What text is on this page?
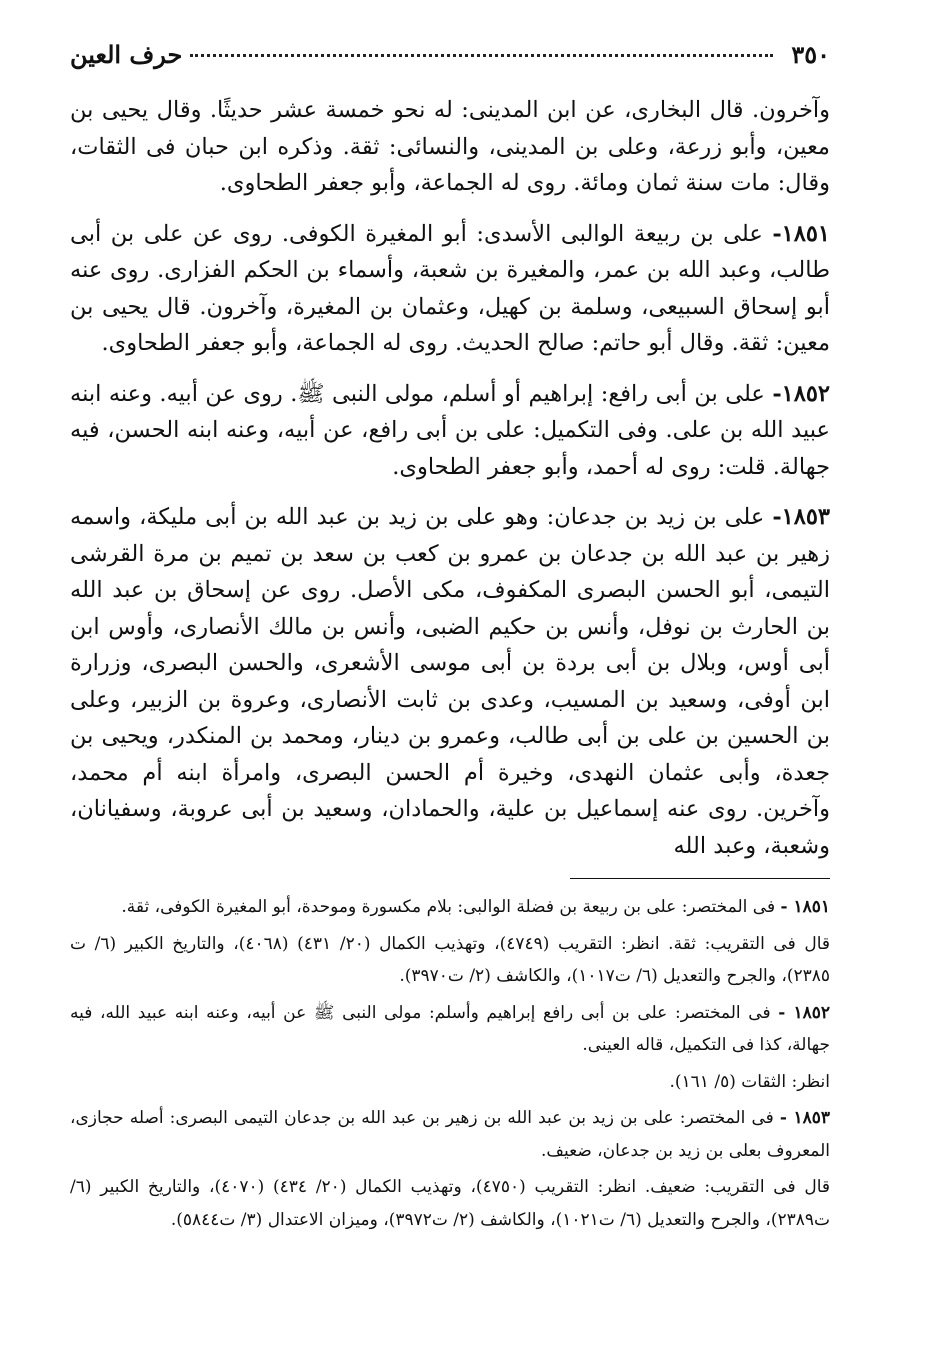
٣٥٠
حرف العين

وآخرون. قال البخارى، عن ابن المدينى: له نحو خمسة عشر حديثًا. وقال يحيى بن معين، وأبو زرعة، وعلى بن المدينى، والنسائى: ثقة. وذكره ابن حبان فى الثقات، وقال: مات سنة ثمان ومائة. روى له الجماعة، وأبو جعفر الطحاوى.

١٨٥١- على بن ربيعة الوالبى الأسدى: أبو المغيرة الكوفى. روى عن على بن أبى طالب، وعبد الله بن عمر، والمغيرة بن شعبة، وأسماء بن الحكم الفزارى. روى عنه أبو إسحاق السبيعى، وسلمة بن كهيل، وعثمان بن المغيرة، وآخرون. قال يحيى بن معين: ثقة. وقال أبو حاتم: صالح الحديث. روى له الجماعة، وأبو جعفر الطحاوى.

١٨٥٢- على بن أبى رافع: إبراهيم أو أسلم، مولى النبى ﷺ. روى عن أبيه. وعنه ابنه عبيد الله بن على. وفى التكميل: على بن أبى رافع، عن أبيه، وعنه ابنه الحسن، فيه جهالة. قلت: روى له أحمد، وأبو جعفر الطحاوى.

١٨٥٣- على بن زيد بن جدعان: وهو على بن زيد بن عبد الله بن أبى مليكة، واسمه زهير بن عبد الله بن جدعان بن عمرو بن كعب بن سعد بن تميم بن مرة القرشى التيمى، أبو الحسن البصرى المكفوف، مكى الأصل. روى عن إسحاق بن عبد الله بن الحارث بن نوفل، وأنس بن حكيم الضبى، وأنس بن مالك الأنصارى، وأوس ابن أبى أوس، وبلال بن أبى بردة بن أبى موسى الأشعرى، والحسن البصرى، وزرارة ابن أوفى، وسعيد بن المسيب، وعدى بن ثابت الأنصارى، وعروة بن الزبير، وعلى بن الحسين بن على بن أبى طالب، وعمرو بن دينار، ومحمد بن المنكدر، ويحيى بن جعدة، وأبى عثمان النهدى، وخيرة أم الحسن البصرى، وامرأة ابنه أم محمد، وآخرين. روى عنه إسماعيل بن علية، والحمادان، وسعيد بن أبى عروبة، وسفيانان، وشعبة، وعبد الله

١٨٥١ - فى المختصر: على بن ربيعة بن فضلة الوالبى: بلام مكسورة وموحدة، أبو المغيرة الكوفى، ثقة.

قال فى التقريب: ثقة. انظر: التقريب (٤٧٤٩)، وتهذيب الكمال (٢٠/ ٤٣١) (٤٠٦٨)، والتاريخ الكبير (٦/ ت ٢٣٨٥)، والجرح والتعديل (٦/ ت١٠١٧)، والكاشف (٢/ ت٣٩٧٠).

١٨٥٢ - فى المختصر: على بن أبى رافع إبراهيم وأسلم: مولى النبى ﷺ عن أبيه، وعنه ابنه عبيد الله، فيه جهالة، كذا فى التكميل، قاله العينى.

انظر: الثقات (٥/ ١٦١).

١٨٥٣ - فى المختصر: على بن زيد بن عبد الله بن زهير بن عبد الله بن جدعان التيمى البصرى: أصله حجازى، المعروف بعلى بن زيد بن جدعان، ضعيف.

قال فى التقريب: ضعيف. انظر: التقريب (٤٧٥٠)، وتهذيب الكمال (٢٠/ ٤٣٤) (٤٠٧٠)، والتاريخ الكبير (٦/ ت٢٣٨٩)، والجرح والتعديل (٦/ ت١٠٢١)، والكاشف (٢/ ت٣٩٧٢)، وميزان الاعتدال (٣/ ت٥٨٤٤).
